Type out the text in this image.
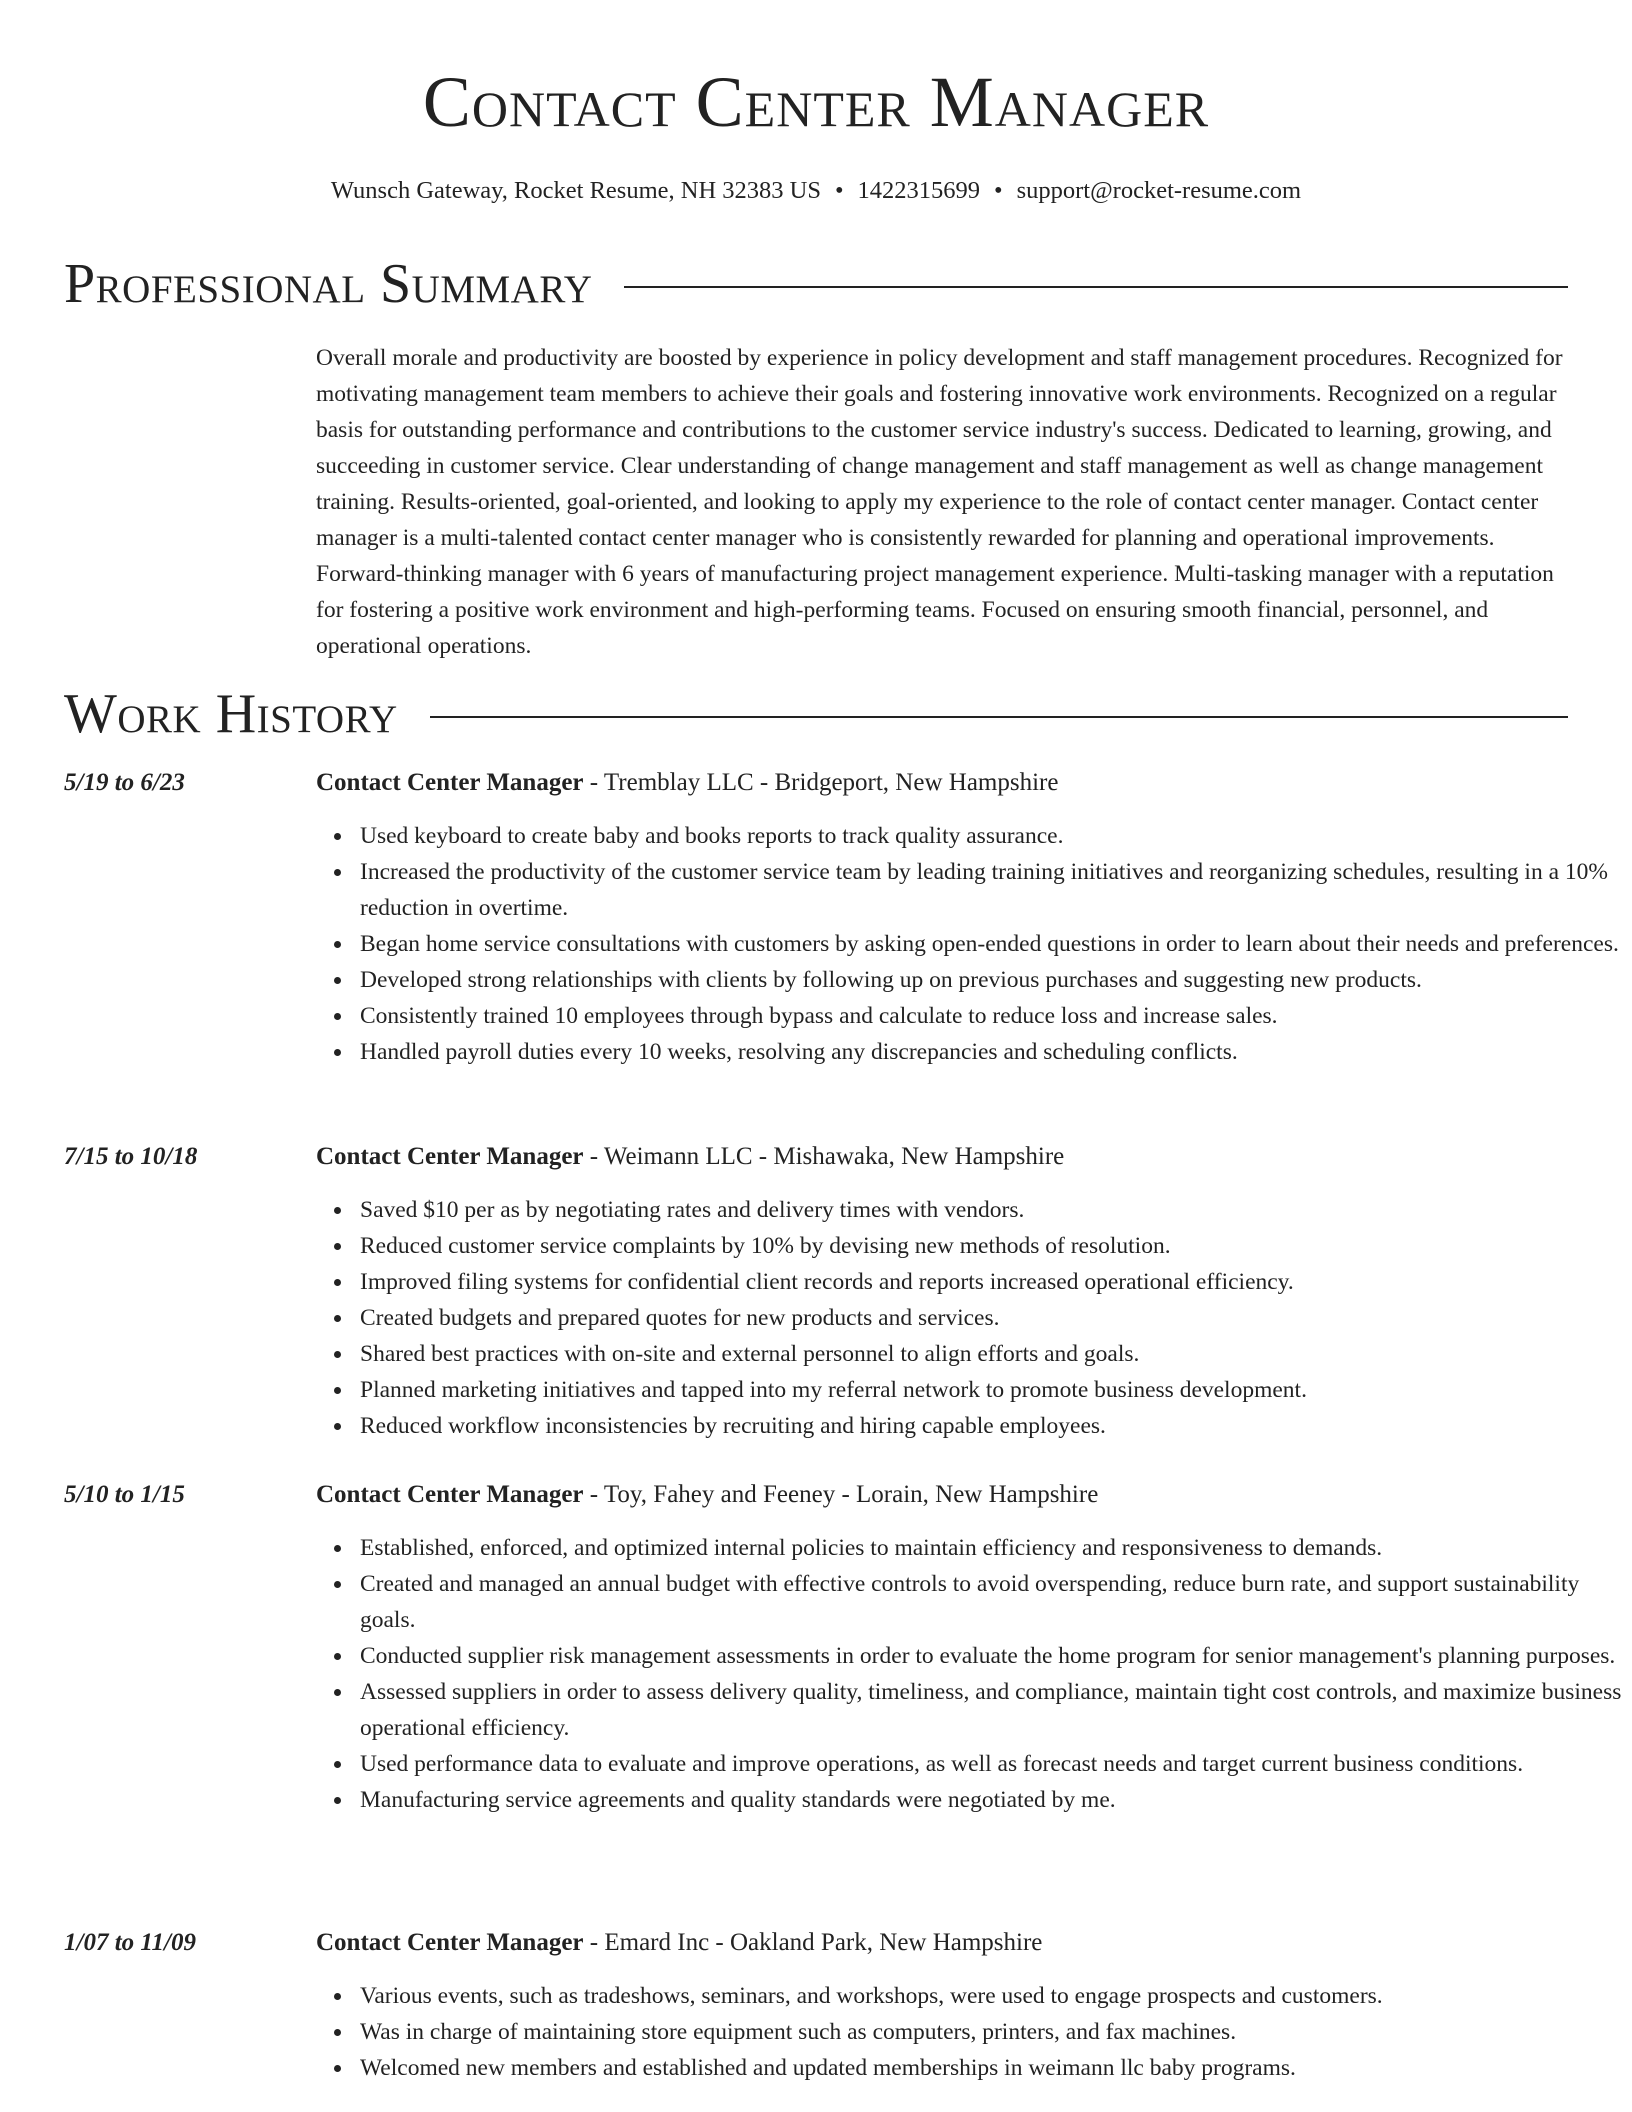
Contact Center Manager
Wunsch Gateway, Rocket Resume, NH 32383 US • 1422315699 • support@rocket-resume.com
Professional Summary

Overall morale and productivity are boosted by experience in policy development and staff management procedures. Recognized for motivating management team members to achieve their goals and fostering innovative work environments. Recognized on a regular basis for outstanding performance and contributions to the customer service industry's success. Dedicated to learning, growing, and succeeding in customer service. Clear understanding of change management and staff management as well as change management training. Results-oriented, goal-oriented, and looking to apply my experience to the role of contact center manager. Contact center manager is a multi-talented contact center manager who is consistently rewarded for planning and operational improvements. Forward-thinking manager with 6 years of manufacturing project management experience. Multi-tasking manager with a reputation for fostering a positive work environment and high-performing teams. Focused on ensuring smooth financial, personnel, and operational operations.

Work History
5/19 to 6/23	Contact Center Manager - Tremblay LLC - Bridgeport, New Hampshire
Used keyboard to create baby and books reports to track quality assurance.
Increased the productivity of the customer service team by leading training initiatives and reorganizing schedules, resulting in a 10% reduction in overtime.
Began home service consultations with customers by asking open-ended questions in order to learn about their needs and preferences.
Developed strong relationships with clients by following up on previous purchases and suggesting new products.
Consistently trained 10 employees through bypass and calculate to reduce loss and increase sales.
Handled payroll duties every 10 weeks, resolving any discrepancies and scheduling conflicts.
7/15 to 10/18	Contact Center Manager - Weimann LLC - Mishawaka, New Hampshire
Saved $10 per as by negotiating rates and delivery times with vendors.
Reduced customer service complaints by 10% by devising new methods of resolution.
Improved filing systems for confidential client records and reports increased operational efficiency.
Created budgets and prepared quotes for new products and services.
Shared best practices with on-site and external personnel to align efforts and goals.
Planned marketing initiatives and tapped into my referral network to promote business development.
Reduced workflow inconsistencies by recruiting and hiring capable employees.
5/10 to 1/15	Contact Center Manager - Toy, Fahey and Feeney - Lorain, New Hampshire
Established, enforced, and optimized internal policies to maintain efficiency and responsiveness to demands.
Created and managed an annual budget with effective controls to avoid overspending, reduce burn rate, and support sustainability goals.
Conducted supplier risk management assessments in order to evaluate the home program for senior management's planning purposes.
Assessed suppliers in order to assess delivery quality, timeliness, and compliance, maintain tight cost controls, and maximize business operational efficiency.
Used performance data to evaluate and improve operations, as well as forecast needs and target current business conditions.
Manufacturing service agreements and quality standards were negotiated by me.
1/07 to 11/09	Contact Center Manager - Emard Inc - Oakland Park, New Hampshire
Various events, such as tradeshows, seminars, and workshops, were used to engage prospects and customers.
Was in charge of maintaining store equipment such as computers, printers, and fax machines.
Welcomed new members and established and updated memberships in weimann llc baby programs.
